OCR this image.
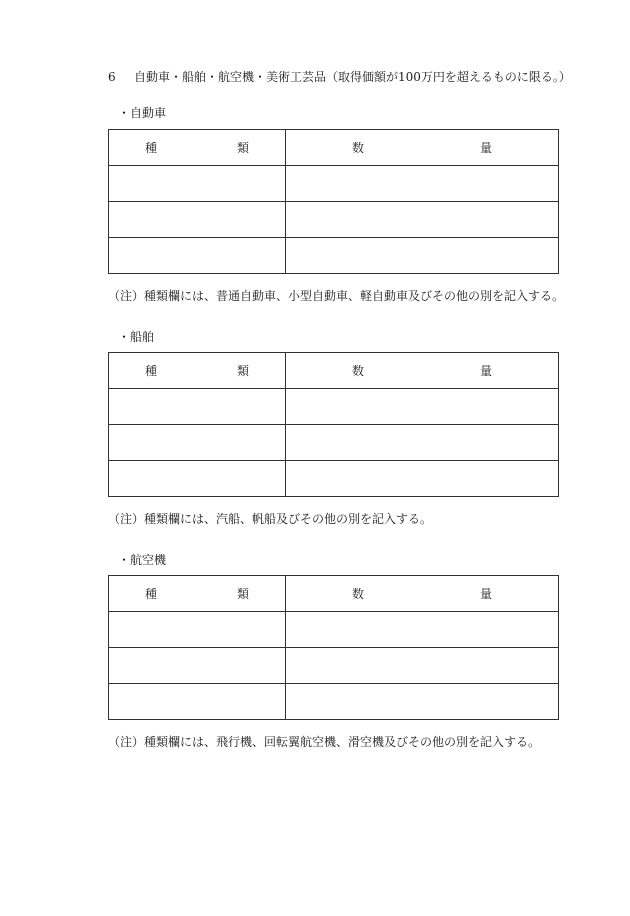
6 自動車・船舶・航空機・美術工芸品（取得価額が100万円を超えるものに限る。）
・自動車
種 類	数 量

（注）種類欄には、普通自動車、小型自動車、軽自動車及びその他の別を記入する。
・船舶
種 類	数 量

（注）種類欄には、汽船、帆船及びその他の別を記入する。
・航空機
種 類	数 量

（注）種類欄には、飛行機、回転翼航空機、滑空機及びその他の別を記入する。
